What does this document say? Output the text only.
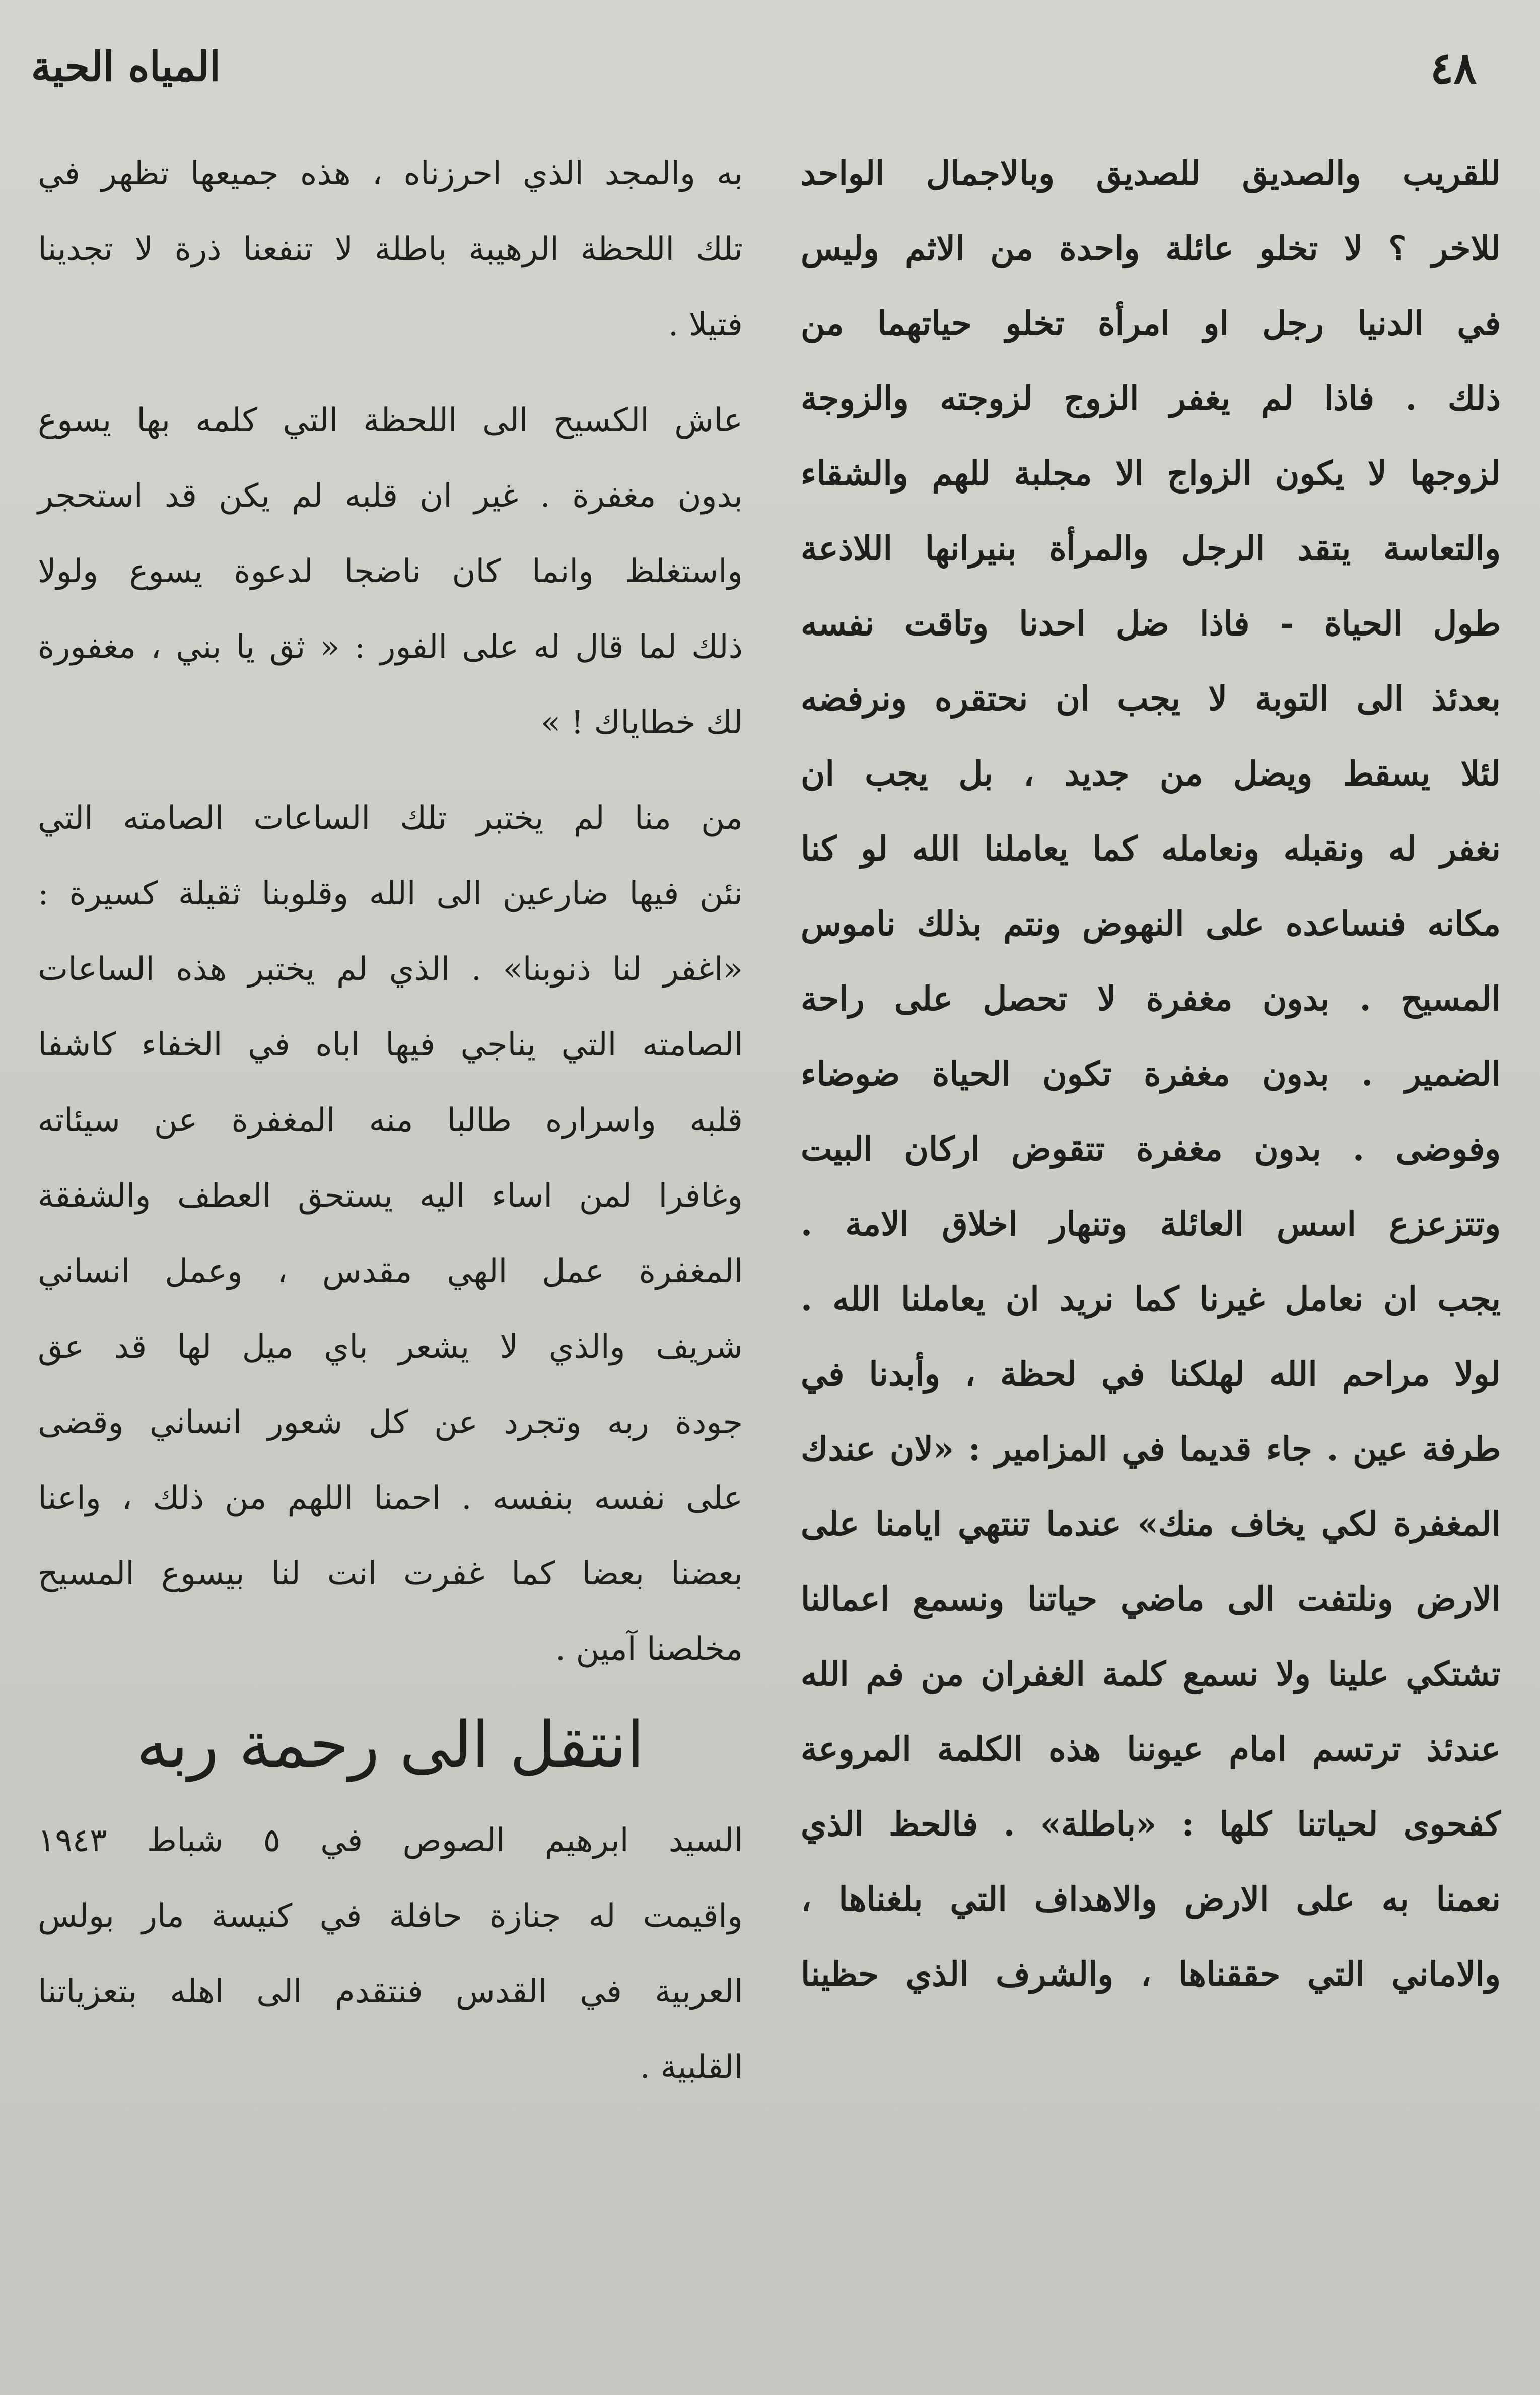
المياه الحية	٤٨
للقريب والصديق للصديق وبالاجمال الواحد
للاخر ؟ لا تخلو عائلة واحدة من الاثم وليس
في الدنيا رجل او امرأة تخلو حياتهما من
ذلك . فاذا لم يغفر الزوج لزوجته والزوجة
لزوجها لا يكون الزواج الا مجلبة للهم والشقاء
والتعاسة يتقد الرجل والمرأة بنيرانها اللاذعة
طول الحياة - فاذا ضل احدنا وتاقت نفسه
بعدئذ الى التوبة لا يجب ان نحتقره ونرفضه
لئلا يسقط ويضل من جديد ، بل يجب ان
نغفر له ونقبله ونعامله كما يعاملنا الله لو كنا
مكانه فنساعده على النهوض ونتم بذلك ناموس
المسيح . بدون مغفرة لا تحصل على راحة
الضمير . بدون مغفرة تكون الحياة ضوضاء
وفوضى . بدون مغفرة تتقوض اركان البيت
وتتزعزع اسس العائلة وتنهار اخلاق الامة .
يجب ان نعامل غيرنا كما نريد ان يعاملنا الله .
لولا مراحم الله لهلكنا في لحظة ، وأبدنا في
طرفة عين . جاء قديما في المزامير : «لان عندك
المغفرة لكي يخاف منك» عندما تنتهي ايامنا على
الارض ونلتفت الى ماضي حياتنا ونسمع اعمالنا
تشتكي علينا ولا نسمع كلمة الغفران من فم الله
عندئذ ترتسم امام عيوننا هذه الكلمة المروعة
كفحوى لحياتنا كلها : «باطلة» . فالحظ الذي
نعمنا به على الارض والاهداف التي بلغناها ،
والاماني التي حققناها ، والشرف الذي حظينا
به والمجد الذي احرزناه ، هذه جميعها تظهر في
تلك اللحظة الرهيبة باطلة لا تنفعنا ذرة لا تجدينا
فتيلا .
عاش الكسيح الى اللحظة التي كلمه بها يسوع
بدون مغفرة . غير ان قلبه لم يكن قد استحجر
واستغلظ وانما كان ناضجا لدعوة يسوع ولولا
ذلك لما قال له على الفور : « ثق يا بني ، مغفورة
لك خطاياك ! »
من منا لم يختبر تلك الساعات الصامته التي
نئن فيها ضارعين الى الله وقلوبنا ثقيلة كسيرة :
«اغفر لنا ذنوبنا» . الذي لم يختبر هذه الساعات
الصامته التي يناجي فيها اباه في الخفاء كاشفا
قلبه واسراره طالبا منه المغفرة عن سيئاته
وغافرا لمن اساء اليه يستحق العطف والشفقة
المغفرة عمل الهي مقدس ، وعمل انساني
شريف والذي لا يشعر باي ميل لها قد عق
جودة ربه وتجرد عن كل شعور انساني وقضى
على نفسه بنفسه . احمنا اللهم من ذلك ، واعنا
بعضنا بعضا كما غفرت انت لنا بيسوع المسيح
مخلصنا آمين .
انتقل الى رحمة ربه
السيد ابرهيم الصوص في ٥ شباط ١٩٤٣
واقيمت له جنازة حافلة في كنيسة مار بولس
العربية في القدس فنتقدم الى اهله بتعزياتنا
القلبية .
